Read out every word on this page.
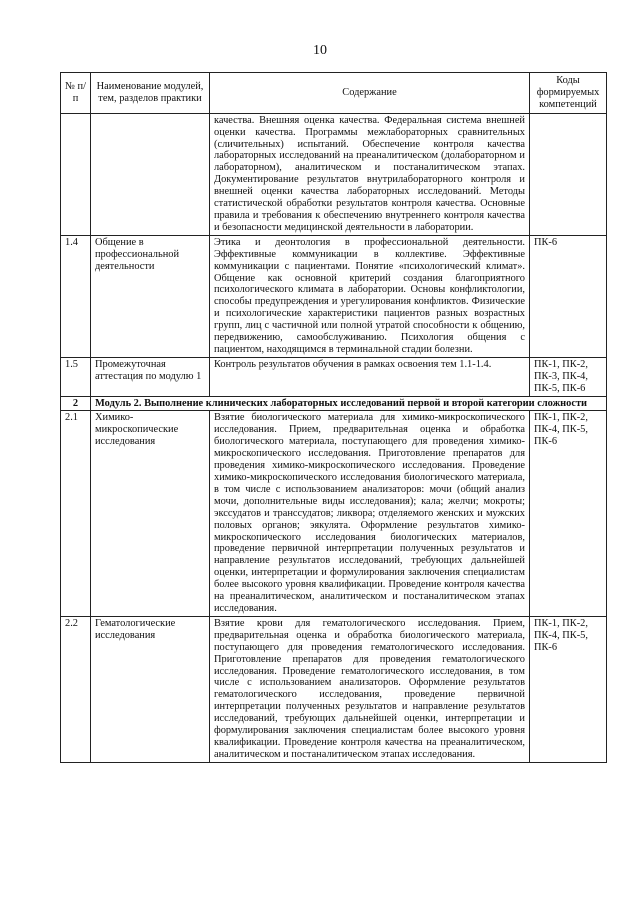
10
№ п/п	Наименование модулей, тем, разделов практики	Содержание	Коды формируемых компетенций
		качества. Внешняя оценка качества. Федеральная система внешней оценки качества. Программы межлабораторных сравнительных (сличительных) испытаний. Обеспечение контроля качества лабораторных исследований на преаналитическом (долабораторном и лабораторном), аналитическом и постаналитическом этапах. Документирование результатов внутрилабораторного контроля и внешней оценки качества лабораторных исследований. Методы статистической обработки результатов контроля качества. Основные правила и требования к обеспечению внутреннего контроля качества и безопасности медицинской деятельности в лаборатории.	
1.4	Общение в профессиональной деятельности	Этика и деонтология в профессиональной деятельности. Эффективные коммуникации в коллективе. Эффективные коммуникации с пациентами. Понятие «психологический климат». Общение как основной критерий создания благоприятного психологического климата в лаборатории. Основы конфликтологии, способы предупреждения и урегулирования конфликтов. Физические и психологические характеристики пациентов разных возрастных групп, лиц с частичной или полной утратой способности к общению, передвижению, самообслуживанию. Психология общения с пациентом, находящимся в терминальной стадии болезни.	ПК-6
1.5	Промежуточная аттестация по модулю 1	Контроль результатов обучения в рамках освоения тем 1.1-1.4.	ПК-1, ПК-2, ПК-3, ПК-4, ПК-5, ПК-6
2	Модуль 2. Выполнение клинических лабораторных исследований первой и второй категории сложности		
2.1	Химико-микроскопические исследования	Взятие биологического материала для химико-микроскопического исследования. Прием, предварительная оценка и обработка биологического материала, поступающего для проведения химико-микроскопического исследования. Приготовление препаратов для проведения химико-микроскопического исследования. Проведение химико-микроскопического исследования биологического материала, в том числе с использованием анализаторов: мочи (общий анализ мочи, дополнительные виды исследования); кала; желчи; мокроты; экссудатов и транссудатов; ликвора; отделяемого женских и мужских половых органов; эякулята. Оформление результатов химико-микроскопического исследования биологических материалов, проведение первичной интерпретации полученных результатов и направление результатов исследований, требующих дальнейшей оценки, интерпретации и формулирования заключения специалистам более высокого уровня квалификации. Проведение контроля качества на преаналитическом, аналитическом и постаналитическом этапах исследования.	ПК-1, ПК-2, ПК-4, ПК-5, ПК-6
2.2	Гематологические исследования	Взятие крови для гематологического исследования. Прием, предварительная оценка и обработка биологического материала, поступающего для проведения гематологического исследования. Приготовление препаратов для проведения гематологического исследования. Проведение гематологического исследования, в том числе с использованием анализаторов. Оформление результатов гематологического исследования, проведение первичной интерпретации полученных результатов и направление результатов исследований, требующих дальнейшей оценки, интерпретации и формулирования заключения специалистам более высокого уровня квалификации. Проведение контроля качества на преаналитическом, аналитическом и постаналитическом этапах исследования.	ПК-1, ПК-2, ПК-4, ПК-5, ПК-6
